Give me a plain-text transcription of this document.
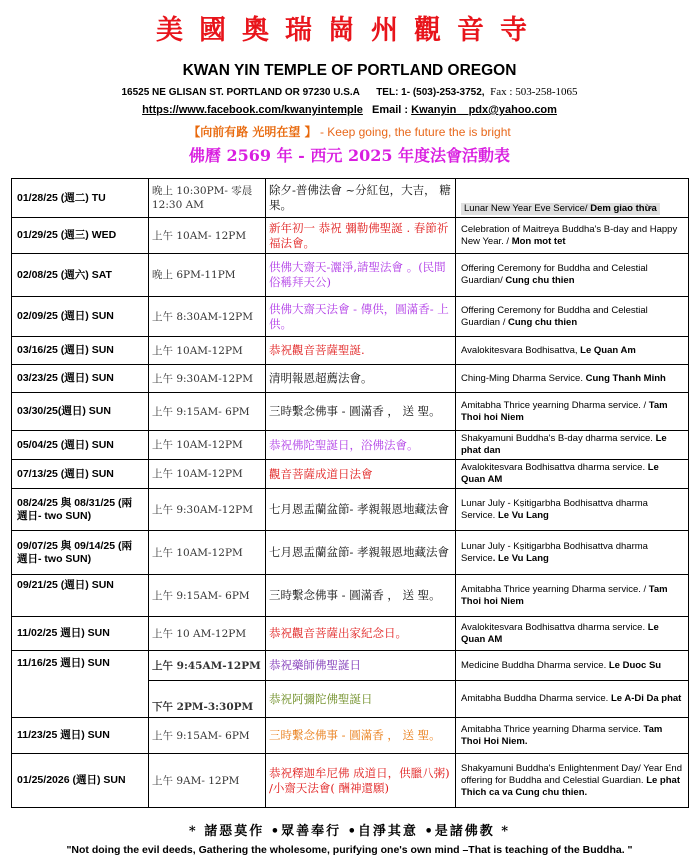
美國奧瑞崗州觀音寺
KWAN YIN TEMPLE OF PORTLAND OREGON
16525 NE GLISAN ST. PORTLAND OR 97230 U.S.A TEL: 1- (503)-253-3752, Fax : 503-258-1065
https://www.facebook.com/kwanyintemple Email : Kwanyin _ pdx@yahoo.com
【向前有路 光明在望 】 - Keep going, the future the is bright
佛曆 2569 年 - 西元 2025 年度法會活動表
01/28/25 (週二) TU	晚上 10:30PM- 零晨 12:30 AM	除夕-普佛法會 ~分紅包，大吉， 糖果。	Lunar New Year Eve Service/ Dem giao thừa
01/29/25 (週三) WED	上午 10AM- 12PM	新年初一 恭祝 彌勒佛聖誕 . 春節祈福法會。	Celebration of Maitreya Buddha's B-day and Happy New Year. / Mon mot tet
02/08/25 (週六) SAT	晚上 6PM-11PM	供佛大齋天-灑淨,請聖法會 。(民間俗稱拜天公)	Offering Ceremony for Buddha and Celestial Guardian/ Cung chu thien
02/09/25 (週日) SUN	上午 8:30AM-12PM	供佛大齋天法會 - 傳供，圓滿香- 上供。	Offering Ceremony for Buddha and Celestial Guardian / Cung chu thien
03/16/25 (週日) SUN	上午 10AM-12PM	恭祝觀音菩薩聖誕.	Avalokitesvara Bodhisattva, Le Quan Am
03/23/25 (週日) SUN	上午 9:30AM-12PM	清明報恩超薦法會。	Ching-Ming Dharma Service. Cung Thanh Minh
03/30/25(週日) SUN	上午 9:15AM- 6PM	三時繫念佛事 - 圓滿香 ， 送 聖。	Amitabha Thrice yearning Dharma service. / Tam Thoi hoi Niem
05/04/25 (週日) SUN	上午 10AM-12PM	恭祝佛陀聖誕日，浴佛法會。	Shakyamuni Buddha's B-day dharma service. Le phat dan
07/13/25 (週日) SUN	上午 10AM-12PM	觀音菩薩成道日法會	Avalokitesvara Bodhisattva dharma service. Le Quan AM
08/24/25 與 08/31/25 (兩 週日- two SUN)	上午 9:30AM-12PM	七月恩盂蘭盆節- 孝親報恩地藏法會	Lunar July - Kṣitigarbha Bodhisattva dharma Service. Le Vu Lang
09/07/25 與 09/14/25 (兩 週日- two SUN)	上午 10AM-12PM	七月恩盂蘭盆節- 孝親報恩地藏法會	Lunar July - Kṣitigarbha Bodhisattva dharma Service. Le Vu Lang
09/21/25 (週日) SUN	上午 9:15AM- 6PM	三時繫念佛事 - 圓滿香 ， 送 聖。	Amitabha Thrice yearning Dharma service. / Tam Thoi hoi Niem
11/02/25 週日) SUN	上午 10 AM-12PM	恭祝觀音菩薩出家紀念日。	Avalokitesvara Bodhisattva dharma service. Le Quan AM
11/16/25 週日) SUN	上午 9:45AM-12PM	恭祝藥師佛聖誕日	Medicine Buddha Dharma service. Le Duoc Su
	下午 2PM-3:30PM	恭祝阿彌陀佛聖誕日	Amitabha Buddha Dharma service. Le A-Di Da phat
11/23/25 週日) SUN	上午 9:15AM- 6PM	三時繫念佛事 - 圓滿香 ， 送 聖。	Amitabha Thrice yearning Dharma service. Tam Thoi Hoi Niem.
01/25/2026 (週日) SUN	上午 9AM- 12PM	恭祝釋迦牟尼佛 成道日，供臘八粥) /小齋天法會( 酬神還願)	Shakyamuni Buddha's Enlightenment Day/ Year End offering for Buddha and Celestial Guardian. Le phat Thich ca va Cung chu thien.
* 諸惡莫作 •眾善奉行 •自淨其意 •是諸佛教 *
"Not doing the evil deeds, Gathering the wholesome, purifying one's own mind –That is teaching of the Buddha. "
